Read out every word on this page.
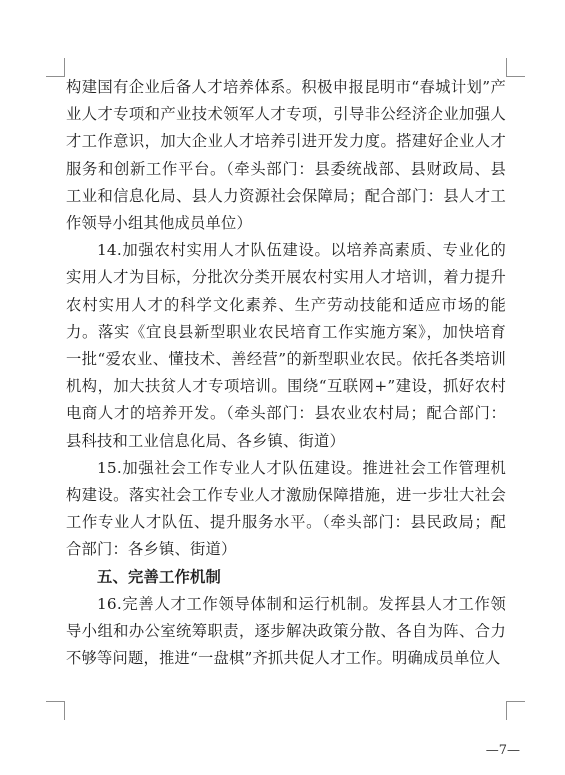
构建国有企业后备人才培养体系。积极申报昆明市“春城计划”产业人才专项和产业技术领军人才专项，引导非公经济企业加强人才工作意识，加大企业人才培养引进开发力度。搭建好企业人才服务和创新工作平台。（牵头部门：县委统战部、县财政局、县工业和信息化局、县人力资源社会保障局；配合部门：县人才工作领导小组其他成员单位）

14.加强农村实用人才队伍建设。以培养高素质、专业化的实用人才为目标，分批次分类开展农村实用人才培训，着力提升农村实用人才的科学文化素养、生产劳动技能和适应市场的能力。落实《宜良县新型职业农民培育工作实施方案》，加快培育一批“爱农业、懂技术、善经营”的新型职业农民。依托各类培训机构，加大扶贫人才专项培训。围绕“互联网+”建设，抓好农村电商人才的培养开发。（牵头部门：县农业农村局；配合部门：县科技和工业信息化局、各乡镇、街道）

15.加强社会工作专业人才队伍建设。推进社会工作管理机构建设。落实社会工作专业人才激励保障措施，进一步壮大社会工作专业人才队伍、提升服务水平。（牵头部门：县民政局；配合部门：各乡镇、街道）

五、完善工作机制

16.完善人才工作领导体制和运行机制。发挥县人才工作领导小组和办公室统筹职责，逐步解决政策分散、各自为阵、合力不够等问题，推进“一盘棋”齐抓共促人才工作。明确成员单位人

—7—
